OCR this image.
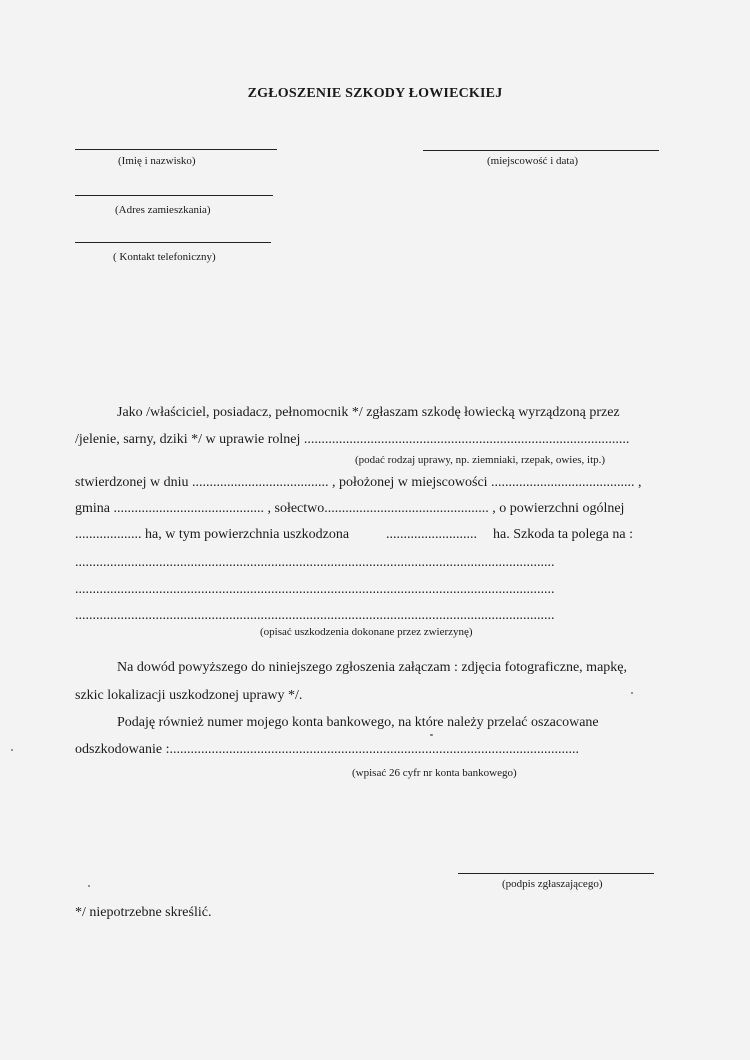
ZGŁOSZENIE SZKODY ŁOWIECKIEJ
(Imię i nazwisko)	(miejscowość i data)
(Adres zamieszkania)
( Kontakt telefoniczny)
Jako /właściciel, posiadacz, pełnomocnik */ zgłaszam szkodę łowiecką wyrządzoną przez
/jelenie, sarny, dziki */ w uprawie rolnej .............................................................................................
(podać rodzaj uprawy, np. ziemniaki, rzepak, owies, itp.)
stwierdzonej w dniu ....................................... , położonej w miejscowości ......................................... ,
gmina ........................................... , sołectwo............................................... , o powierzchni ogólnej
................... ha, w tym powierzchnia uszkodzona	.......................... ha. Szkoda ta polega na :
.........................................................................................................................................
.........................................................................................................................................
.........................................................................................................................................
(opisać uszkodzenia dokonane przez zwierzynę)
Na dowód powyższego do niniejszego zgłoszenia załączam : zdjęcia fotograficzne, mapkę,
szkic lokalizacji uszkodzonej uprawy */.
Podaję również numer mojego konta bankowego, na które należy przelać oszacowane
odszkodowanie :.....................................................................................................................
(wpisać 26 cyfr nr konta bankowego)
(podpis zgłaszającego)
*/ niepotrzebne skreślić.
